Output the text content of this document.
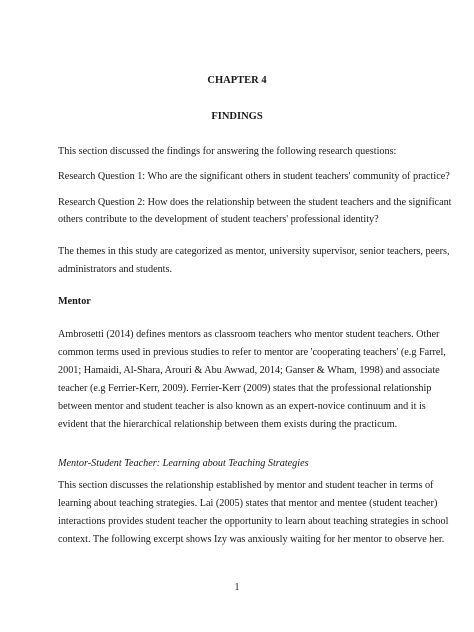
CHAPTER 4
FINDINGS
This section discussed the findings for answering the following research questions:
Research Question 1: Who are the significant others in student teachers' community of practice?
Research Question 2: How does the relationship between the student teachers and the significant
others contribute to the development of student teachers' professional identity?
The themes in this study are categorized as mentor, university supervisor, senior teachers, peers,
administrators and students.
Mentor
Ambrosetti (2014) defines mentors as classroom teachers who mentor student teachers. Other
common terms used in previous studies to refer to mentor are 'cooperating teachers' (e.g Farrel,
2001; Hamaidi, Al-Shara, Arouri & Abu Awwad, 2014; Ganser & Wham, 1998) and associate
teacher (e.g Ferrier-Kerr, 2009). Ferrier-Kerr (2009) states that the professional relationship
between mentor and student teacher is also known as an expert-novice continuum and it is
evident that the hierarchical relationship between them exists during the practicum.
Mentor-Student Teacher: Learning about Teaching Strategies
This section discusses the relationship established by mentor and student teacher in terms of
learning about teaching strategies. Lai (2005) states that mentor and mentee (student teacher)
interactions provides student teacher the opportunity to learn about teaching strategies in school
context. The following excerpt shows Izy was anxiously waiting for her mentor to observe her.
1
